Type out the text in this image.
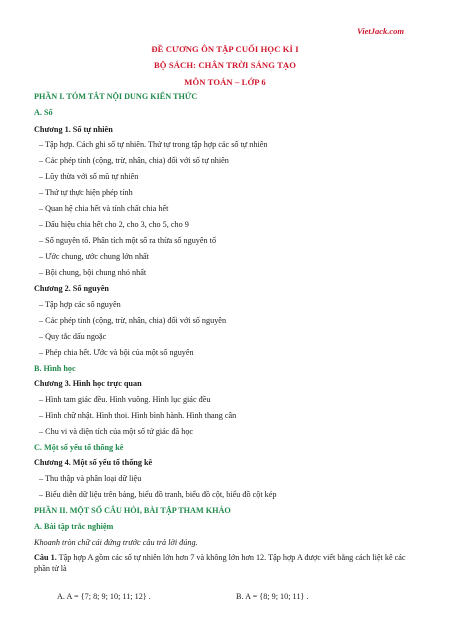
VietJack.com
ĐỀ CƯƠNG ÔN TẬP CUỐI HỌC KÌ I
BỘ SÁCH: CHÂN TRỜI SÁNG TẠO
MÔN TOÁN – LỚP 6
PHẦN I. TÓM TẮT NỘI DUNG KIẾN THỨC
A. Số
Chương 1. Số tự nhiên
– Tập hợp. Cách ghi số tự nhiên. Thứ tự trong tập hợp các số tự nhiên
– Các phép tính (cộng, trừ, nhân, chia) đối với số tự nhiên
– Lũy thừa với số mũ tự nhiên
– Thứ tự thực hiện phép tính
– Quan hệ chia hết và tính chất chia hết
– Dấu hiệu chia hết cho 2, cho 3, cho 5, cho 9
– Số nguyên tố. Phân tích một số ra thừa số nguyên tố
– Ước chung, ước chung lớn nhất
– Bội chung, bội chung nhỏ nhất
Chương 2. Số nguyên
– Tập hợp các số nguyên
– Các phép tính (cộng, trừ, nhân, chia) đối với số nguyên
– Quy tắc dấu ngoặc
– Phép chia hết. Ước và bội của một số nguyên
B. Hình học
Chương 3. Hình học trực quan
– Hình tam giác đều. Hình vuông. Hình lục giác đều
– Hình chữ nhật. Hình thoi. Hình bình hành. Hình thang cân
– Chu vi và diện tích của một số tứ giác đã học
C. Một số yếu tố thống kê
Chương 4. Một số yếu tố thống kê
– Thu thập và phân loại dữ liệu
– Biểu diễn dữ liệu trên bảng, biểu đồ tranh, biểu đồ cột, biểu đồ cột kép
PHẦN II. MỘT SỐ CÂU HỎI, BÀI TẬP THAM KHẢO
A. Bài tập trắc nghiệm
Khoanh tròn chữ cái đứng trước câu trả lời đúng.
Câu 1. Tập hợp A gồm các số tự nhiên lớn hơn 7 và không lớn hơn 12. Tập hợp A được viết bằng cách liệt kê các phần tử là
A. A = {7; 8; 9; 10; 11; 12} .	B. A = {8; 9; 10; 11} .
